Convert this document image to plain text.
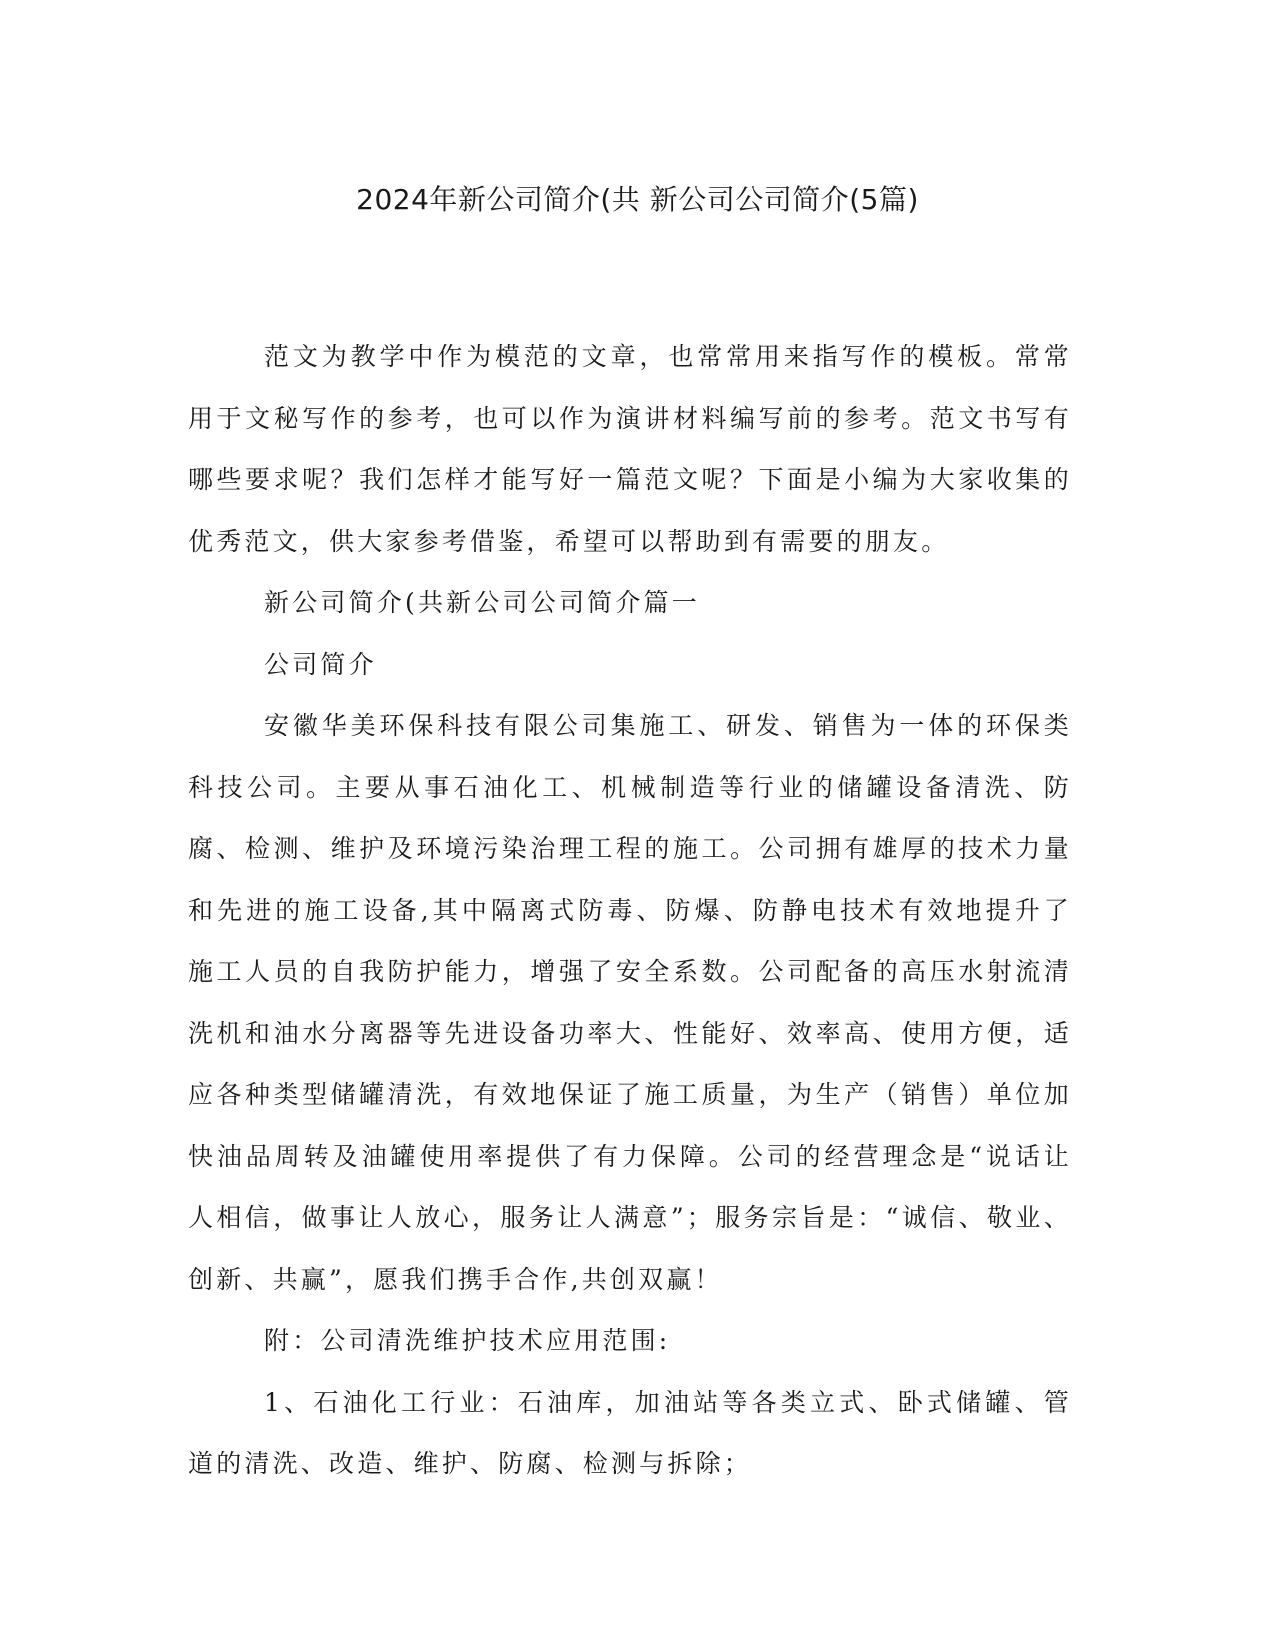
2024年新公司简介(共 新公司公司简介(5篇)

范文为教学中作为模范的文章，也常常用来指写作的模板。常常用于文秘写作的参考，也可以作为演讲材料编写前的参考。范文书写有哪些要求呢？我们怎样才能写好一篇范文呢？下面是小编为大家收集的优秀范文，供大家参考借鉴，希望可以帮助到有需要的朋友。

新公司简介(共新公司公司简介篇一

公司简介

安徽华美环保科技有限公司集施工、研发、销售为一体的环保类科技公司。主要从事石油化工、机械制造等行业的储罐设备清洗、防腐、检测、维护及环境污染治理工程的施工。公司拥有雄厚的技术力量和先进的施工设备,其中隔离式防毒、防爆、防静电技术有效地提升了施工人员的自我防护能力，增强了安全系数。公司配备的高压水射流清洗机和油水分离器等先进设备功率大、性能好、效率高、使用方便，适应各种类型储罐清洗，有效地保证了施工质量，为生产（销售）单位加快油品周转及油罐使用率提供了有力保障。公司的经营理念是“说话让人相信，做事让人放心，服务让人满意”；服务宗旨是：“诚信、敬业、创新、共赢”，愿我们携手合作,共创双赢！

附：公司清洗维护技术应用范围:

1、石油化工行业：石油库，加油站等各类立式、卧式储罐、管道的清洗、改造、维护、防腐、检测与拆除；
